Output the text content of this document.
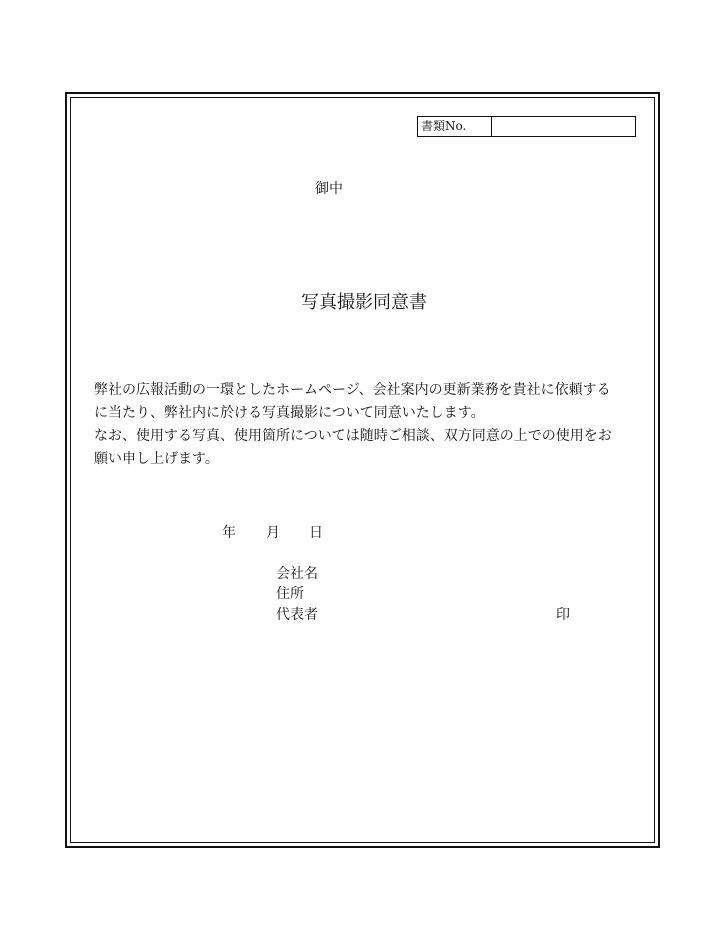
書類No.
御中
写真撮影同意書
弊社の広報活動の一環としたホームページ、会社案内の更新業務を貴社に依頼する
に当たり、弊社内に於ける写真撮影について同意いたします。
なお、使用する写真、使用箇所については随時ご相談、双方同意の上での使用をお
願い申し上げます。
年 月 日
会社名
住所
代表者	印
